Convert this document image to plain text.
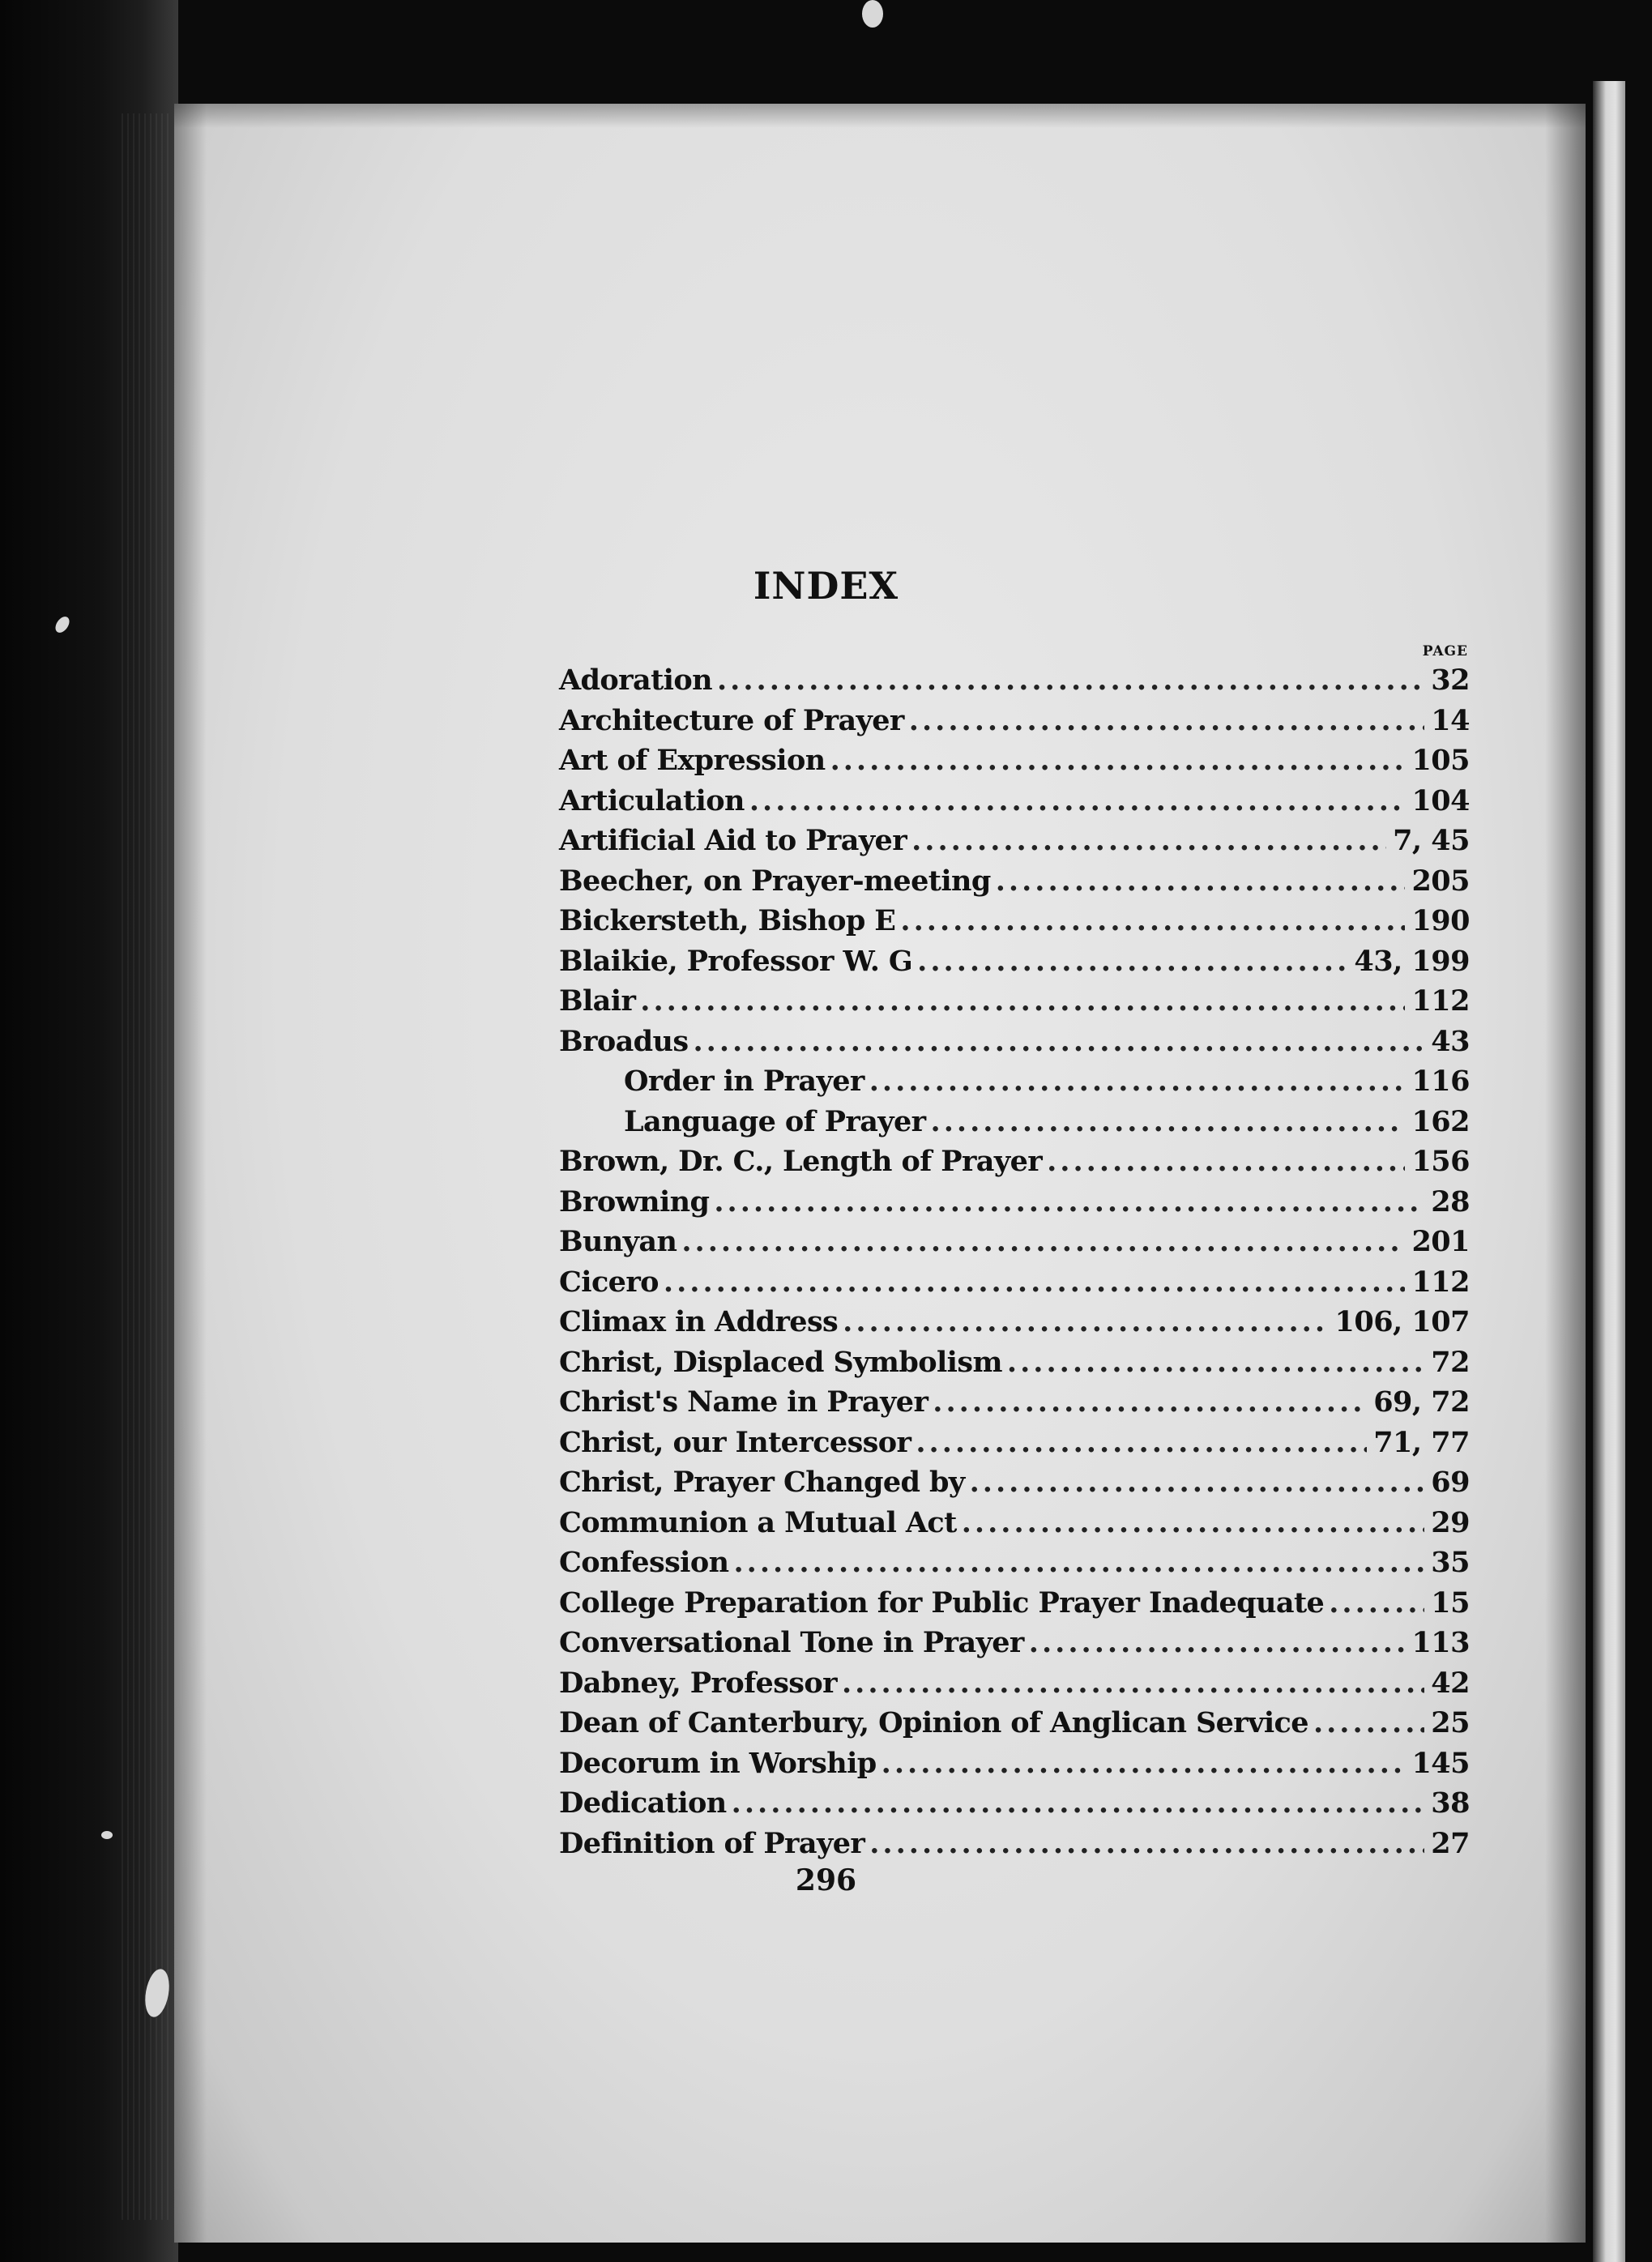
INDEX
PAGE
Adoration .....	32
Architecture of Prayer .....	14
Art of Expression .....	105
Articulation .....	104
Artificial Aid to Prayer .....	7, 45
Beecher, on Prayer-meeting .....	205
Bickersteth, Bishop E .....	190
Blaikie, Professor W. G .....	43, 199
Blair .....	112
Broadus .....	43
Order in Prayer .....	116
Language of Prayer .....	162
Brown, Dr. C., Length of Prayer .....	156
Browning .....	28
Bunyan .....	201
Cicero .....	112
Climax in Address .....	106, 107
Christ, Displaced Symbolism .....	72
Christ's Name in Prayer .....	69, 72
Christ, our Intercessor .....	71, 77
Christ, Prayer Changed by .....	69
Communion a Mutual Act .....	29
Confession .....	35
College Preparation for Public Prayer Inadequate .....	15
Conversational Tone in Prayer .....	113
Dabney, Professor .....	42
Dean of Canterbury, Opinion of Anglican Service .....	25
Decorum in Worship .....	145
Dedication .....	38
Definition of Prayer .....	27
296
